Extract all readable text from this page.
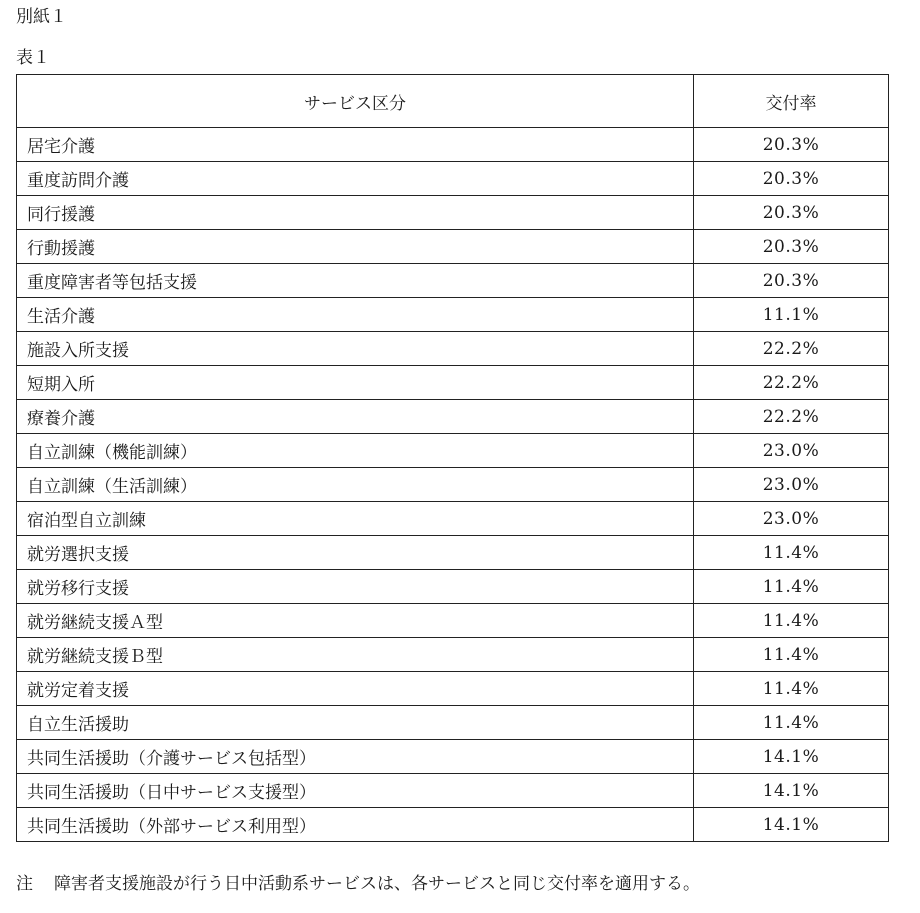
別紙１
表１
サービス区分	交付率
居宅介護	20.3%
重度訪問介護	20.3%
同行援護	20.3%
行動援護	20.3%
重度障害者等包括支援	20.3%
生活介護	11.1%
施設入所支援	22.2%
短期入所	22.2%
療養介護	22.2%
自立訓練（機能訓練）	23.0%
自立訓練（生活訓練）	23.0%
宿泊型自立訓練	23.0%
就労選択支援	11.4%
就労移行支援	11.4%
就労継続支援Ａ型	11.4%
就労継続支援Ｂ型	11.4%
就労定着支援	11.4%
自立生活援助	11.4%
共同生活援助（介護サービス包括型）	14.1%
共同生活援助（日中サービス支援型）	14.1%
共同生活援助（外部サービス利用型）	14.1%
注 障害者支援施設が行う日中活動系サービスは、各サービスと同じ交付率を適用する。
